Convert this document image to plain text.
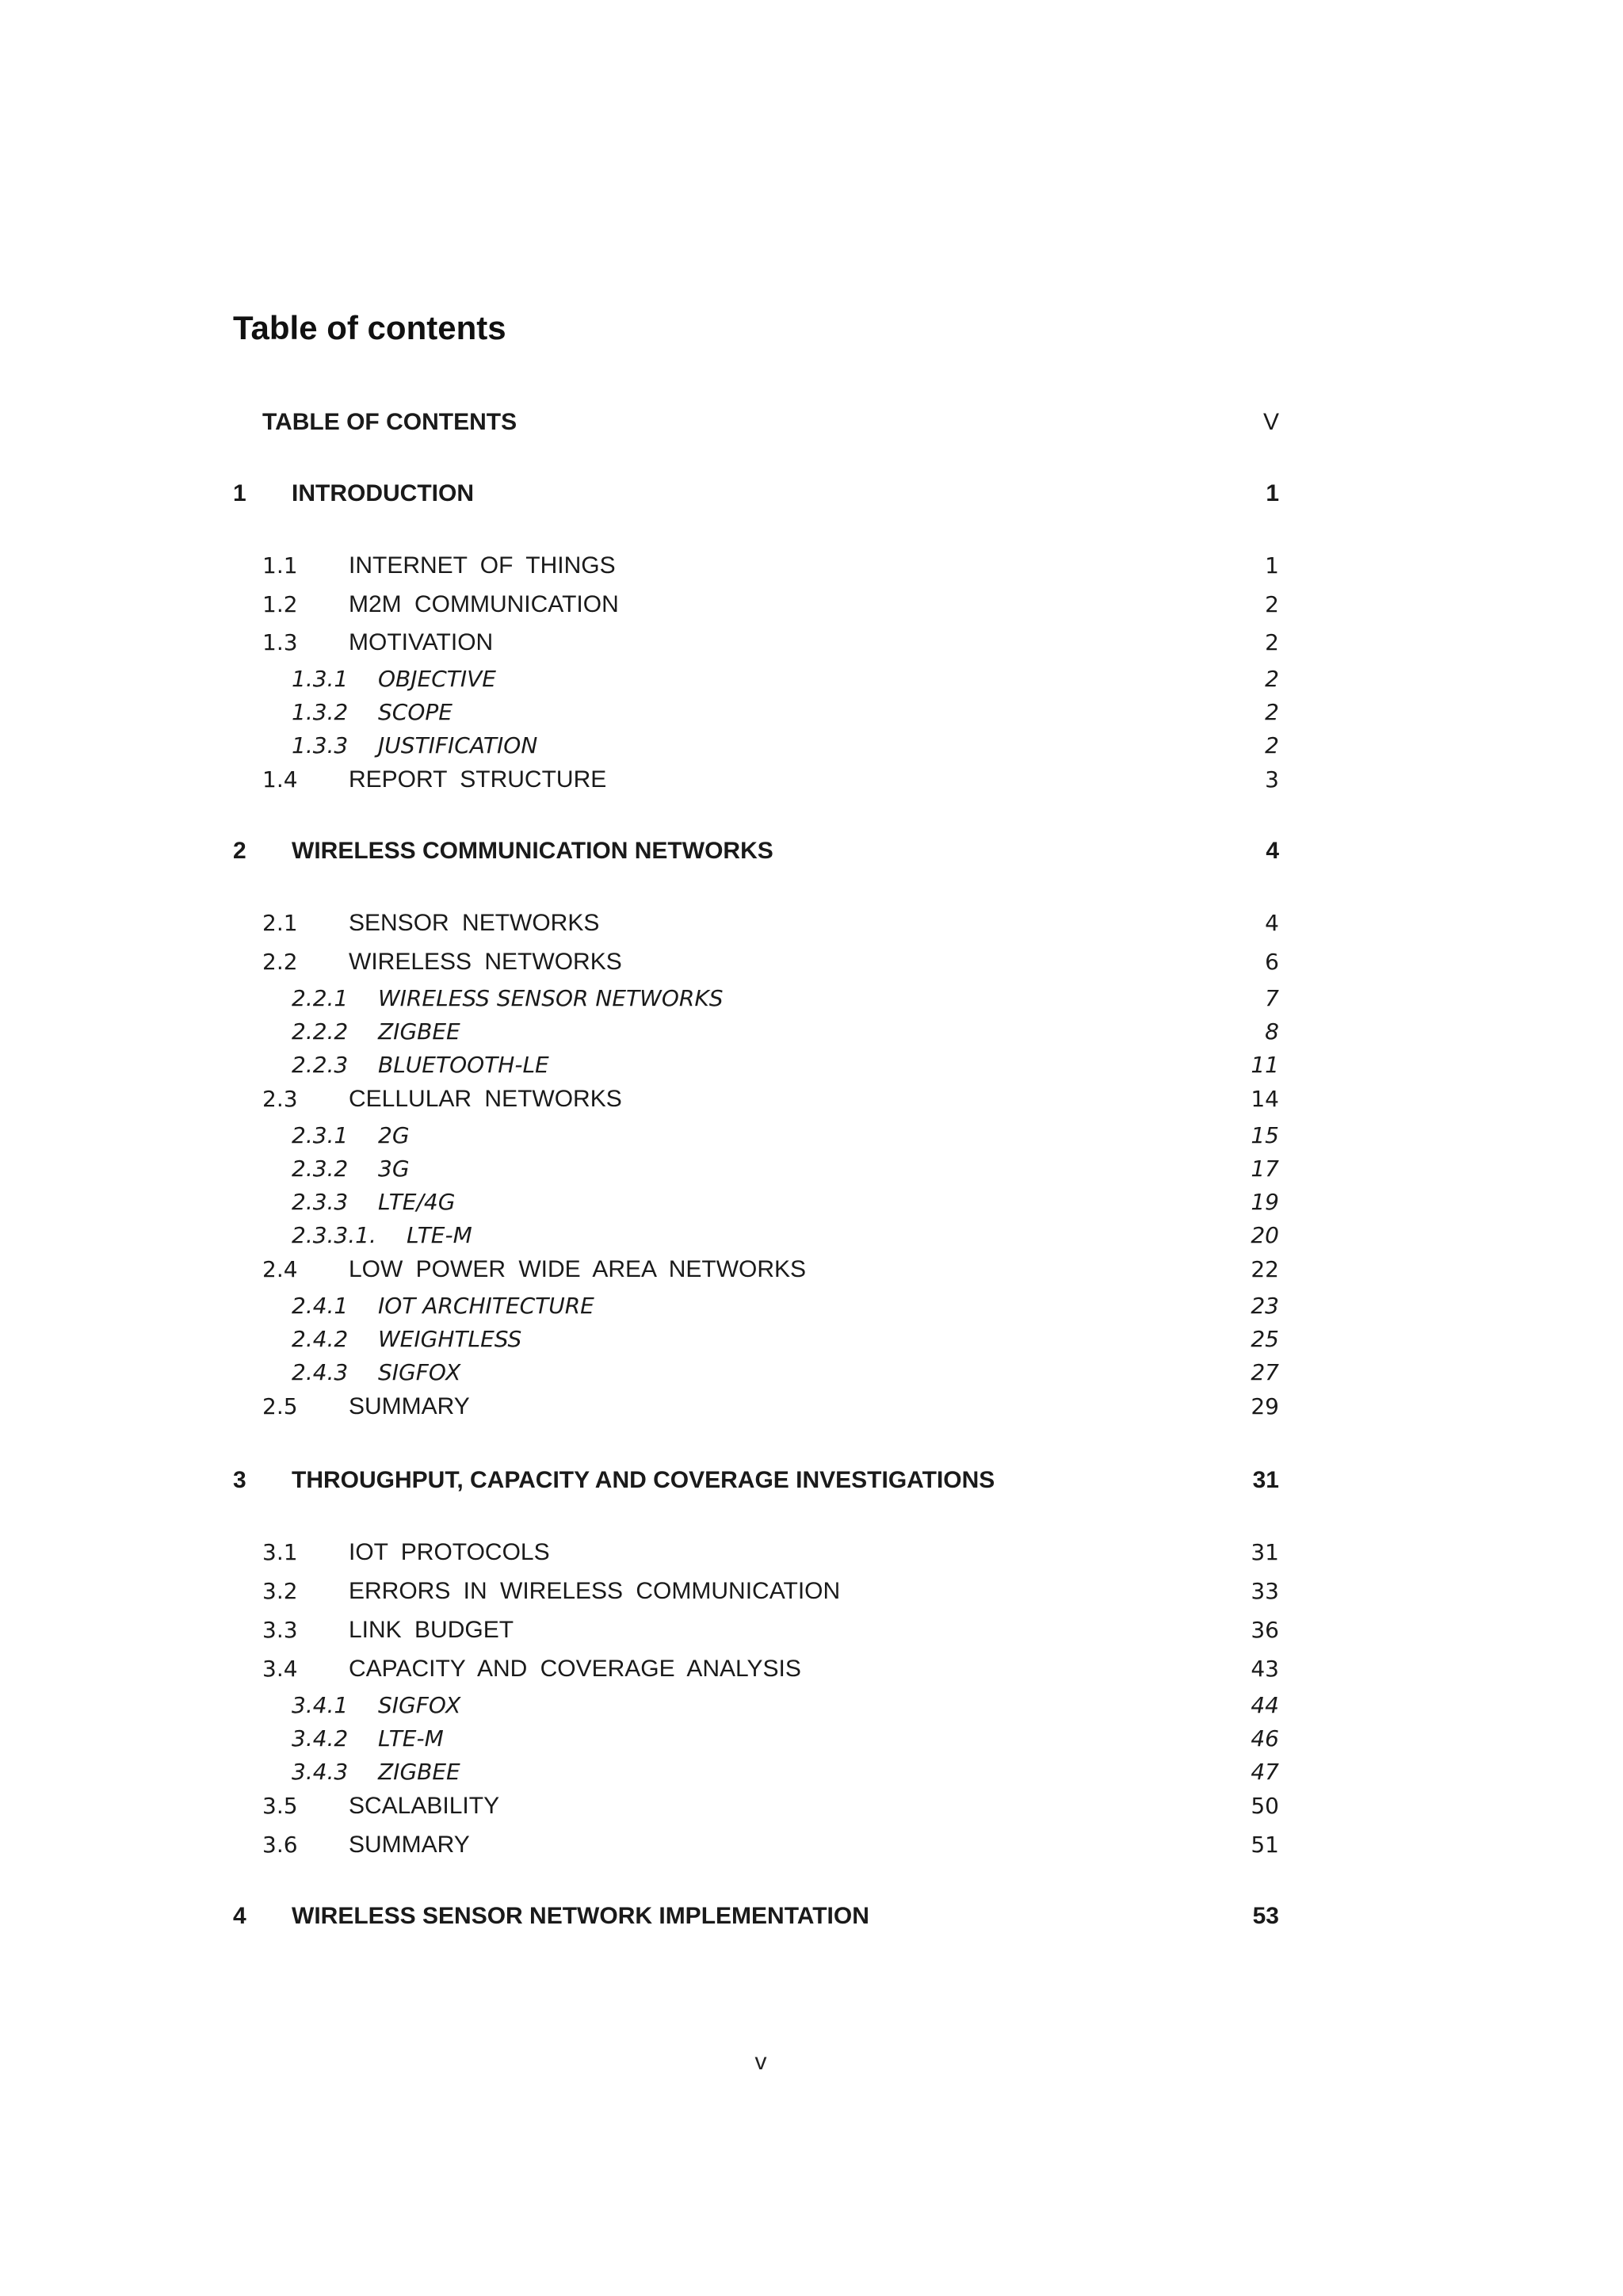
Table of contents
TABLE OF CONTENTS	V
1 INTRODUCTION	1
1.1 INTERNET OF THINGS	1
1.2 M2M COMMUNICATION	2
1.3 MOTIVATION	2
1.3.1 OBJECTIVE	2
1.3.2 SCOPE	2
1.3.3 JUSTIFICATION	2
1.4 REPORT STRUCTURE	3
2 WIRELESS COMMUNICATION NETWORKS	4
2.1 SENSOR NETWORKS	4
2.2 WIRELESS NETWORKS	6
2.2.1 WIRELESS SENSOR NETWORKS	7
2.2.2 ZIGBEE	8
2.2.3 BLUETOOTH-LE	11
2.3 CELLULAR NETWORKS	14
2.3.1 2G	15
2.3.2 3G	17
2.3.3 LTE/4G	19
2.3.3.1. LTE-M	20
2.4 LOW POWER WIDE AREA NETWORKS	22
2.4.1 IOT ARCHITECTURE	23
2.4.2 WEIGHTLESS	25
2.4.3 SIGFOX	27
2.5 SUMMARY	29
3 THROUGHPUT, CAPACITY AND COVERAGE INVESTIGATIONS	31
3.1 IOT PROTOCOLS	31
3.2 ERRORS IN WIRELESS COMMUNICATION	33
3.3 LINK BUDGET	36
3.4 CAPACITY AND COVERAGE ANALYSIS	43
3.4.1 SIGFOX	44
3.4.2 LTE-M	46
3.4.3 ZIGBEE	47
3.5 SCALABILITY	50
3.6 SUMMARY	51
4 WIRELESS SENSOR NETWORK IMPLEMENTATION	53
v
